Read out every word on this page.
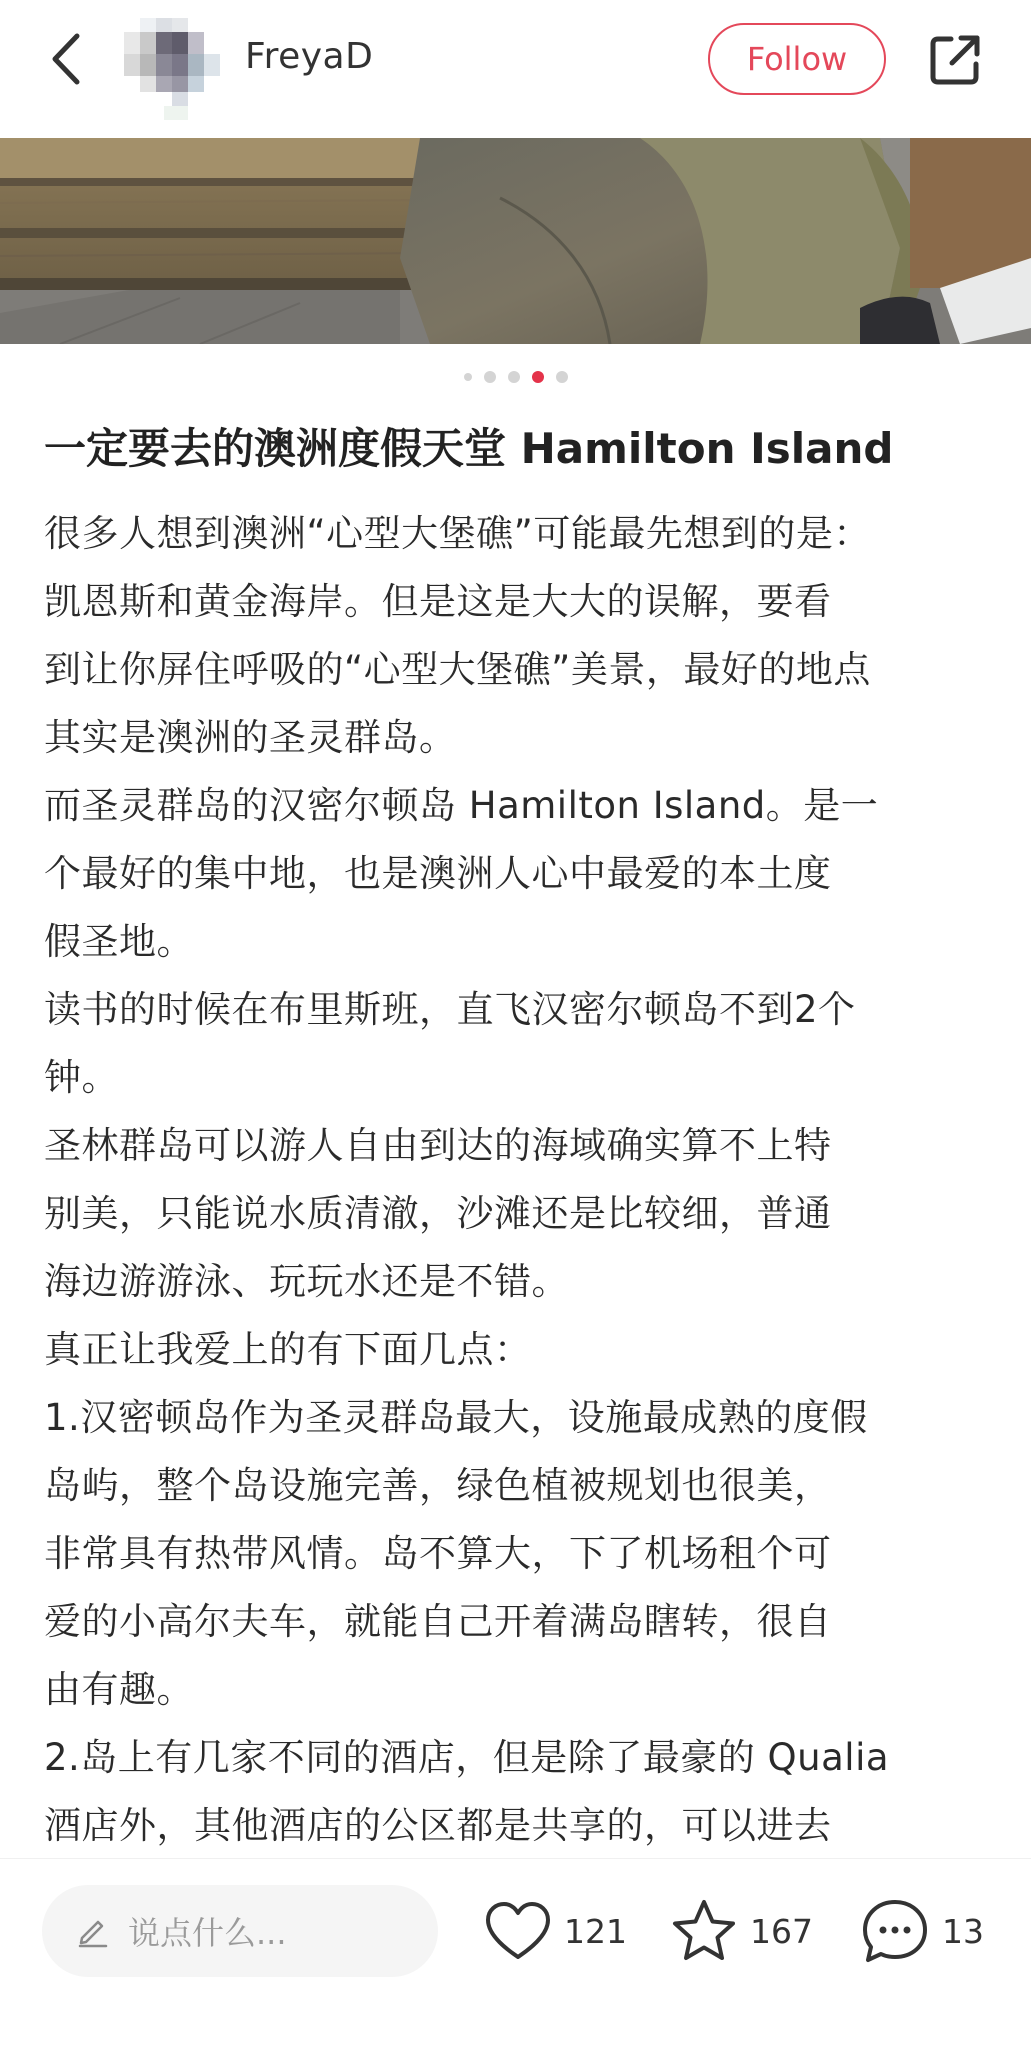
FreyaD	Follow
一定要去的澳洲度假天堂 Hamilton Island

很多人想到澳洲“心型大堡礁”可能最先想到的是：
凯恩斯和黄金海岸。但是这是大大的误解，要看
到让你屏住呼吸的“心型大堡礁”美景，最好的地点
其实是澳洲的圣灵群岛。

而圣灵群岛的汉密尔顿岛 Hamilton Island。是一
个最好的集中地，也是澳洲人心中最爱的本土度
假圣地。

读书的时候在布里斯班，直飞汉密尔顿岛不到2个
钟。

圣林群岛可以游人自由到达的海域确实算不上特
别美，只能说水质清澈，沙滩还是比较细，普通
海边游游泳、玩玩水还是不错。

真正让我爱上的有下面几点：

1.汉密顿岛作为圣灵群岛最大，设施最成熟的度假
岛屿，整个岛设施完善，绿色植被规划也很美，
非常具有热带风情。岛不算大，下了机场租个可
爱的小高尔夫车，就能自己开着满岛瞎转，很自
由有趣。

2.岛上有几家不同的酒店，但是除了最豪的 Qualia
酒店外，其他酒店的公区都是共享的，可以进去

说点什么...	121	167	13
